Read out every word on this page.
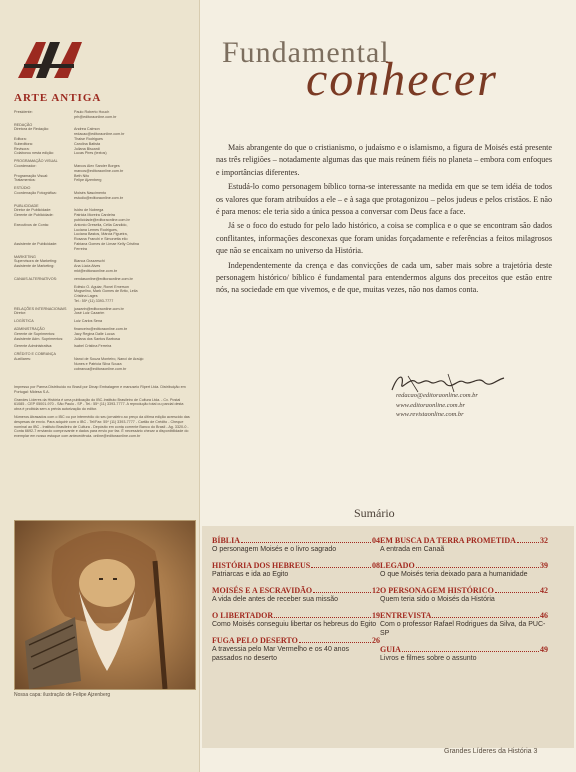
ARTE ANTIGA
Presidente:	Paulo Roberto Houch
prh@editoraonline.com.br
REDAÇÃO
Diretora de Redação:	Andrea Calmon
redacao@editoraonline.com.br
Editora:	Thaise Rodrigues
Subeditora:	Carolina Batista
Revisora:	Juliana Biscardi
Colaborou nesta edição:	Lucas Pires (textos)
PROGRAMAÇÃO VISUAL
Coordenador:	Marcos Alex Sander Borges
marcos@editoraonline.com.br
Programação Visual:	Beth Nito
Tratamentos:	Felipe Ajzenberg
ESTÚDIO
Coordenação Fotográfica:	Moisés Nascimento
estudio@editoraonline.com.br
PUBLICIDADE
Diretor de Publicidade:	Isidro de Nobrega
Gerente de Publicidade:	Patricia Moreira Cardeira
publicidade@editoraonline.com.br
Executivos de Conta:	Antonio Greselia, Célia Candido,
Luciana Lemes Rodrigues,
Luciana Bastos, Márcia Figueira,
Rosana Franchi e Simonetta elio
Assistente de Publicidade:	Fabiana Gomes de Limae Kelly Cristina
Ferreira
MARKETING
Supervisora de Marketing:	Bianca Grazzeschi
Assistente de Marketing:	Ana Lúcia Alves
mkt@editoraonline.com.br
CANAIS ALTERNATIVOS:	vendasonline@editoraonline.com.br
Edésio O. Aguiar, Ronei Emerson
Mogselino, Mark Gomes de Brito, Leila
Cristina Lages
Tel.: 55* (11) 3393-7777
RELAÇÕES INTERNACIONAIS	jcazarin@editoraonline.com.br
Diretor:	José Luiz Cazarim
LOGÍSTICA	Luiz Carlos Sena
ADMINISTRAÇÃO	financeiro@editoraonline.com.br
Gerente de Suprimentos:	Jacy Regina Dalle Lucca
Assistente Adm. Suprimentos:	Juliana dos Santos Barbosa
Gerente Administrativa:	Isabel Cristina Ferreira
CRÉDITO E COBRANÇA
Auxiliares:	Nanci de Souza Monteiro, Nanci de Araújo
Nunes e Patricia Silva Souza
cobranca@editoraonline.com.br
Impresso por Parma Distribuído no Brasil por Dinap Embalagem e manuseio Ripert Ltda. Distribuição em Portugal: Midesa S.A.
Grandes Líderes da História é uma publicação do IBC-Instituto Brasileiro de Cultura Ltda. - Cx. Postal 61085 - CEP 05001-970 - São Paulo - SP - Tel.: 55* (11) 3393-7777. A reprodução total ou parcial desta obra é proibida sem a prévia autorização do editor.
Números Atrasados com o IBC ou por intermédio do seu jornaleiro ao preço da última edição acrescido das despesas de envio. Para adquirir com o IBC - Tel/Fax: 55* (11) 3393-7777 - Cartão de Crédito - Cheque nominal ao IBC - Instituto Brasileiro de Cultura - Depósito em conta corrente Banco do Brasil - Ag. 3320-0 - Conta 6692-7 enviando comprovante e dados para envio por fax. É necessário checar a disponibilidade do exemplar em nosso estoque com antecedência. online@editoraonline.com.br
Nossa capa: ilustração de Felipe Ajzenberg
Fundamental
conhecer

Mais abrangente do que o cristianismo, o judaísmo e o islamismo, a figura de Moisés está presente nas três religiões – notadamente algumas das que mais reúnem fiéis no planeta – embora com enfoques e importâncias diferentes.

Estudá-lo como personagem bíblico torna-se interessante na medida em que se tem idéia de todos os valores que foram atribuídos a ele – e à saga que protagonizou – pelos judeus e pelos cristãos. E não é para menos: ele teria sido a única pessoa a conversar com Deus face a face.

Já se o foco do estudo for pelo lado histórico, a coisa se complica e o que se encontram são dados conflitantes, informações desconexas que foram unidas forçadamente e referências a feitos milagrosos que não se encaixam no universo da História.

Independentemente da crença e das convicções de cada um, saber mais sobre a trajetória deste personagem histórico/ bíblico é fundamental para entendermos alguns dos preceitos que estão entre nós, na sociedade em que vivemos, e de que, muitas vezes, não nos damos conta.

redacao@editoraonline.com.br
www.editoraonline.com.br
www.revistaonline.com.br
Sumário
BÍBLIA	04
O personagem Moisés e o livro sagrado
HISTÓRIA DOS HEBREUS	08
Patriarcas e ida ao Egito
MOISÉS E A ESCRAVIDÃO	12
A vida dele antes de receber sua missão
O LIBERTADOR	19
Como Moisés conseguiu libertar os hebreus do Egito
FUGA PELO DESERTO	26
A travessia pelo Mar Vermelho e os 40 anos passados no deserto
EM BUSCA DA TERRA PROMETIDA	32
A entrada em Canaã
LEGADO	39
O que Moisés teria deixado para a humanidade
O PERSONAGEM HISTÓRICO	42
Quem teria sido o Moisés da História
ENTREVISTA	46
Com o professor Rafael Rodrigues da Silva, da PUC-SP
GUIA	49
Livros e filmes sobre o assunto
Grandes Líderes da História 3
